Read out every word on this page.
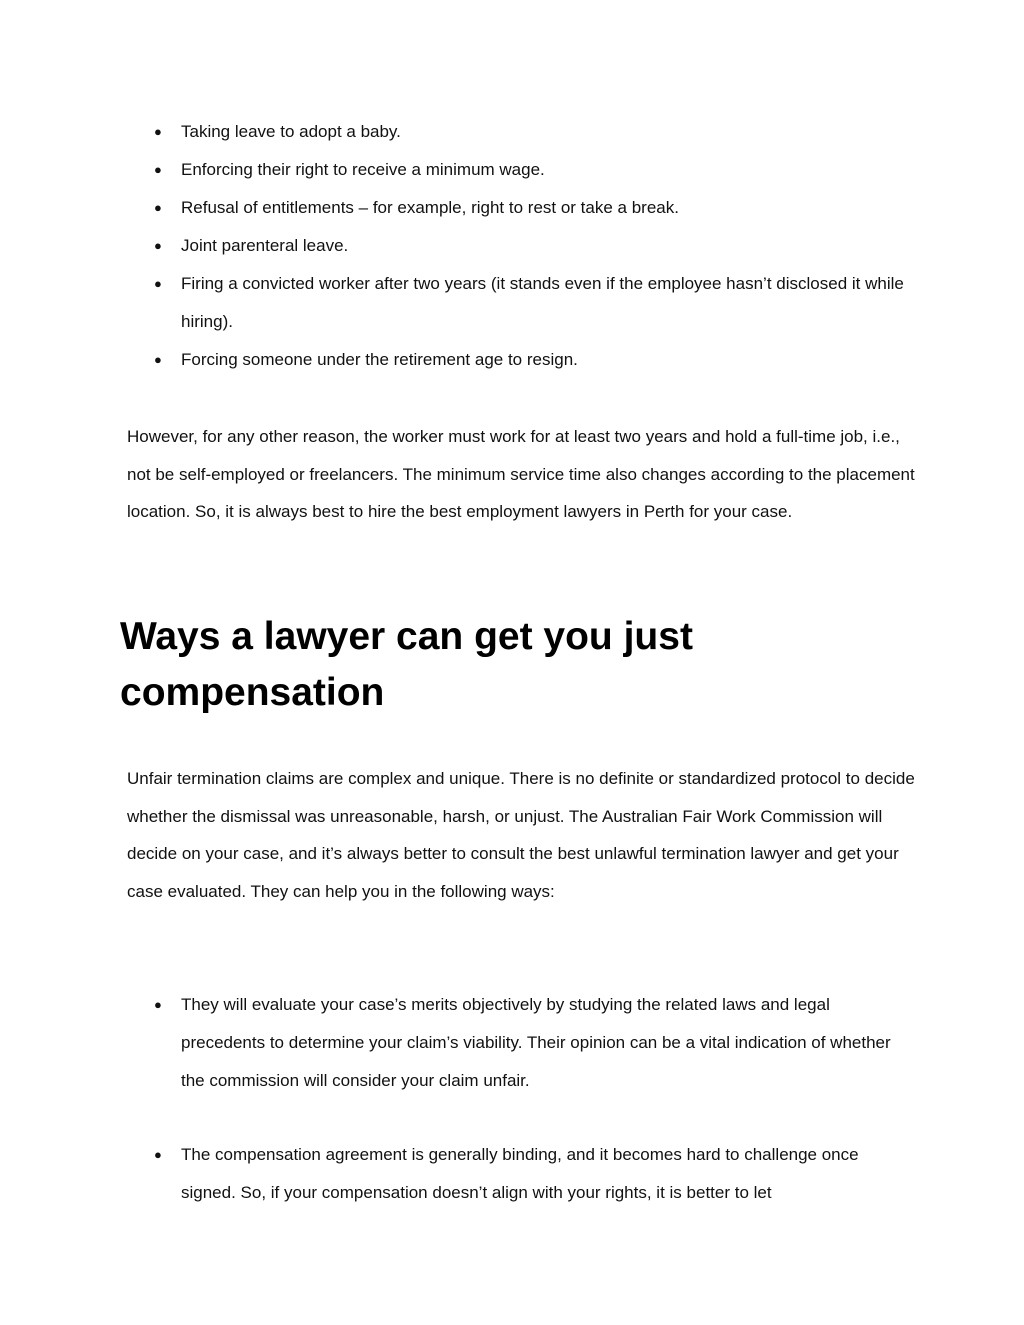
● Taking leave to adopt a baby.
● Enforcing their right to receive a minimum wage.
● Refusal of entitlements – for example, right to rest or take a break.
● Joint parenteral leave.
● Firing a convicted worker after two years (it stands even if the employee hasn’t disclosed it while hiring).
● Forcing someone under the retirement age to resign.

However, for any other reason, the worker must work for at least two years and hold a full-time job, i.e., not be self-employed or freelancers. The minimum service time also changes according to the placement location. So, it is always best to hire the best employment lawyers in Perth for your case.

Ways a lawyer can get you just compensation

Unfair termination claims are complex and unique. There is no definite or standardized protocol to decide whether the dismissal was unreasonable, harsh, or unjust. The Australian Fair Work Commission will decide on your case, and it’s always better to consult the best unlawful termination lawyer and get your case evaluated. They can help you in the following ways:

● They will evaluate your case’s merits objectively by studying the related laws and legal precedents to determine your claim’s viability. Their opinion can be a vital indication of whether the commission will consider your claim unfair.
● The compensation agreement is generally binding, and it becomes hard to challenge once signed. So, if your compensation doesn’t align with your rights, it is better to let
